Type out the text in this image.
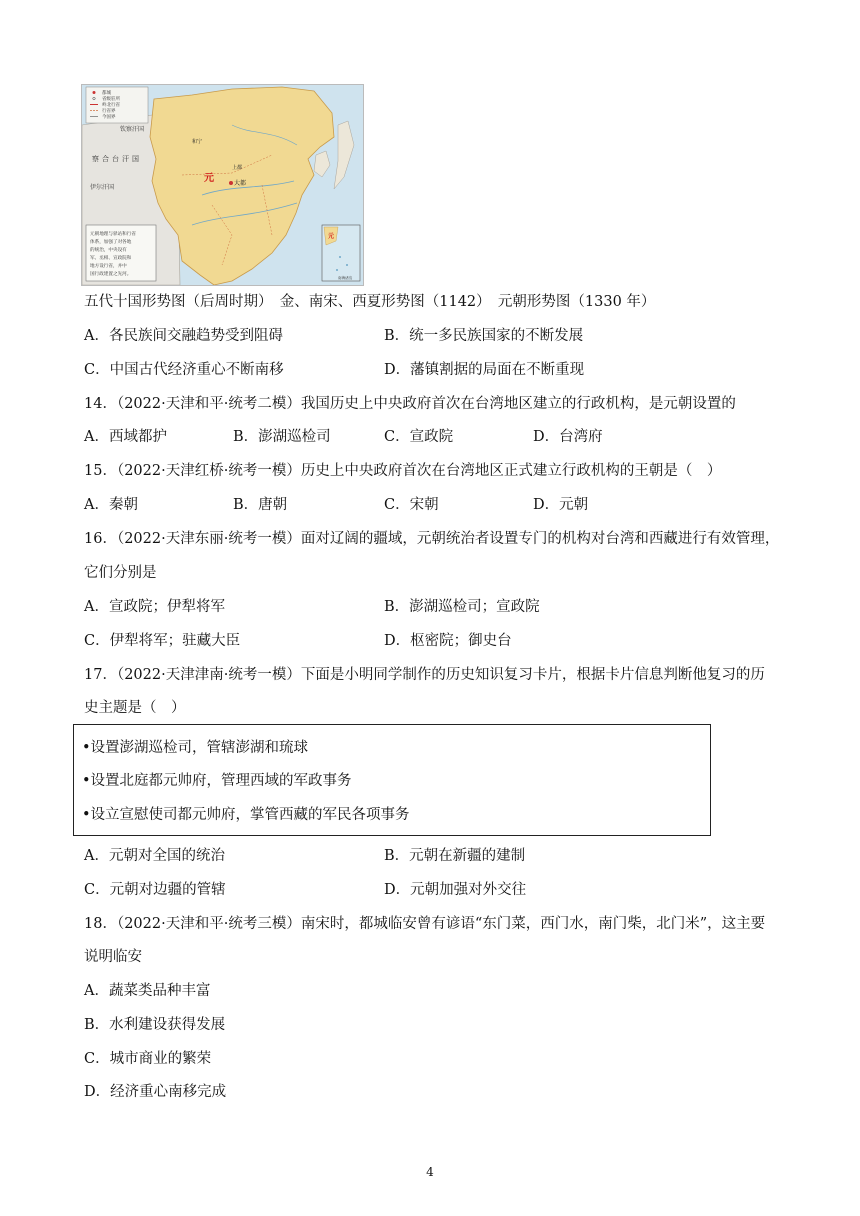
都城
省级驻所
岭北行省
行省界
今国界
元	大都
上都
和宁
钦察汗国
察合台汗国
伊尔汗国
元朝地理与驿站和行省
体系，加强了对各地
的统治，中央设有
军、丞相、宣政院和
地方设行省，并中
国行政建置之先河。
元
南海诸岛
五代十国形势图（后周时期）　金、南宋、西夏形势图（1142）　元朝形势图（1330 年）
A．各民族间交融趋势受到阻碍	B．统一多民族国家的不断发展
C．中国古代经济重心不断南移	D．藩镇割据的局面在不断重现
14．（2022·天津和平·统考二模）我国历史上中央政府首次在台湾地区建立的行政机构，是元朝设置的
A．西域都护	B．澎湖巡检司	C．宣政院	D．台湾府
15．（2022·天津红桥·统考一模）历史上中央政府首次在台湾地区正式建立行政机构的王朝是（　）
A．秦朝	B．唐朝	C．宋朝	D．元朝
16．（2022·天津东丽·统考一模）面对辽阔的疆域，元朝统治者设置专门的机构对台湾和西藏进行有效管理，
它们分别是
A．宣政院；伊犁将军	B．澎湖巡检司；宣政院
C．伊犁将军；驻藏大臣	D．枢密院；御史台
17．（2022·天津津南·统考一模）下面是小明同学制作的历史知识复习卡片，根据卡片信息判断他复习的历
史主题是（　）
•设置澎湖巡检司，管辖澎湖和琉球
•设置北庭都元帅府，管理西域的军政事务
•设立宣慰使司都元帅府，掌管西藏的军民各项事务
A．元朝对全国的统治	B．元朝在新疆的建制
C．元朝对边疆的管辖	D．元朝加强对外交往
18．（2022·天津和平·统考三模）南宋时，都城临安曾有谚语“东门菜，西门水，南门柴，北门米”，这主要
说明临安
A．蔬菜类品种丰富
B．水利建设获得发展
C．城市商业的繁荣
D．经济重心南移完成
4
